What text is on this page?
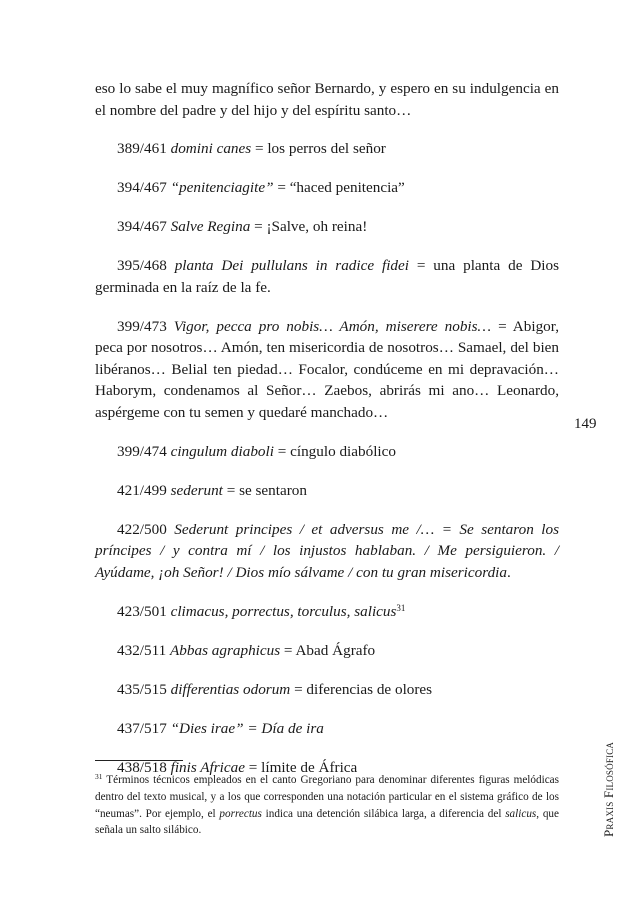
eso lo sabe el muy magnífico señor Bernardo, y espero en su indulgencia en el nombre del padre y del hijo y del espíritu santo…

389/461 domini canes = los perros del señor

394/467 “penitenciagite” = “haced penitencia”

394/467 Salve Regina = ¡Salve, oh reina!

395/468 planta Dei pullulans in radice fidei = una planta de Dios germinada en la raíz de la fe.

399/473 Vigor, pecca pro nobis… Amón, miserere nobis… = Abigor, peca por nosotros… Amón, ten misericordia de nosotros… Samael, del bien libéranos… Belial ten piedad… Focalor, condúceme en mi depravación… Haborym, condenamos al Señor… Zaebos, abrirás mi ano… Leonardo, aspérgeme con tu semen y quedaré manchado…

399/474 cingulum diaboli = cíngulo diabólico

421/499 sederunt = se sentaron

422/500 Sederunt principes / et adversus me /… = Se sentaron los príncipes / y contra mí / los injustos hablaban. / Me persiguieron. / Ayúdame, ¡oh Señor! / Dios mío sálvame / con tu gran misericordia.

423/501 climacus, porrectus, torculus, salicus$^{31}$

432/511 Abbas agraphicus = Abad Ágrafo

435/515 differentias odorum = diferencias de olores

437/517 “Dies irae” = Día de ira

438/518 finis Africae = límite de África

149
Praxis Filosófica

$^{31}$ Términos técnicos empleados en el canto Gregoriano para denominar diferentes figuras melódicas dentro del texto musical, y a los que corresponden una notación particular en el sistema gráfico de los “neumas”. Por ejemplo, el porrectus indica una detención silábica larga, a diferencia del salicus, que señala un salto silábico.
